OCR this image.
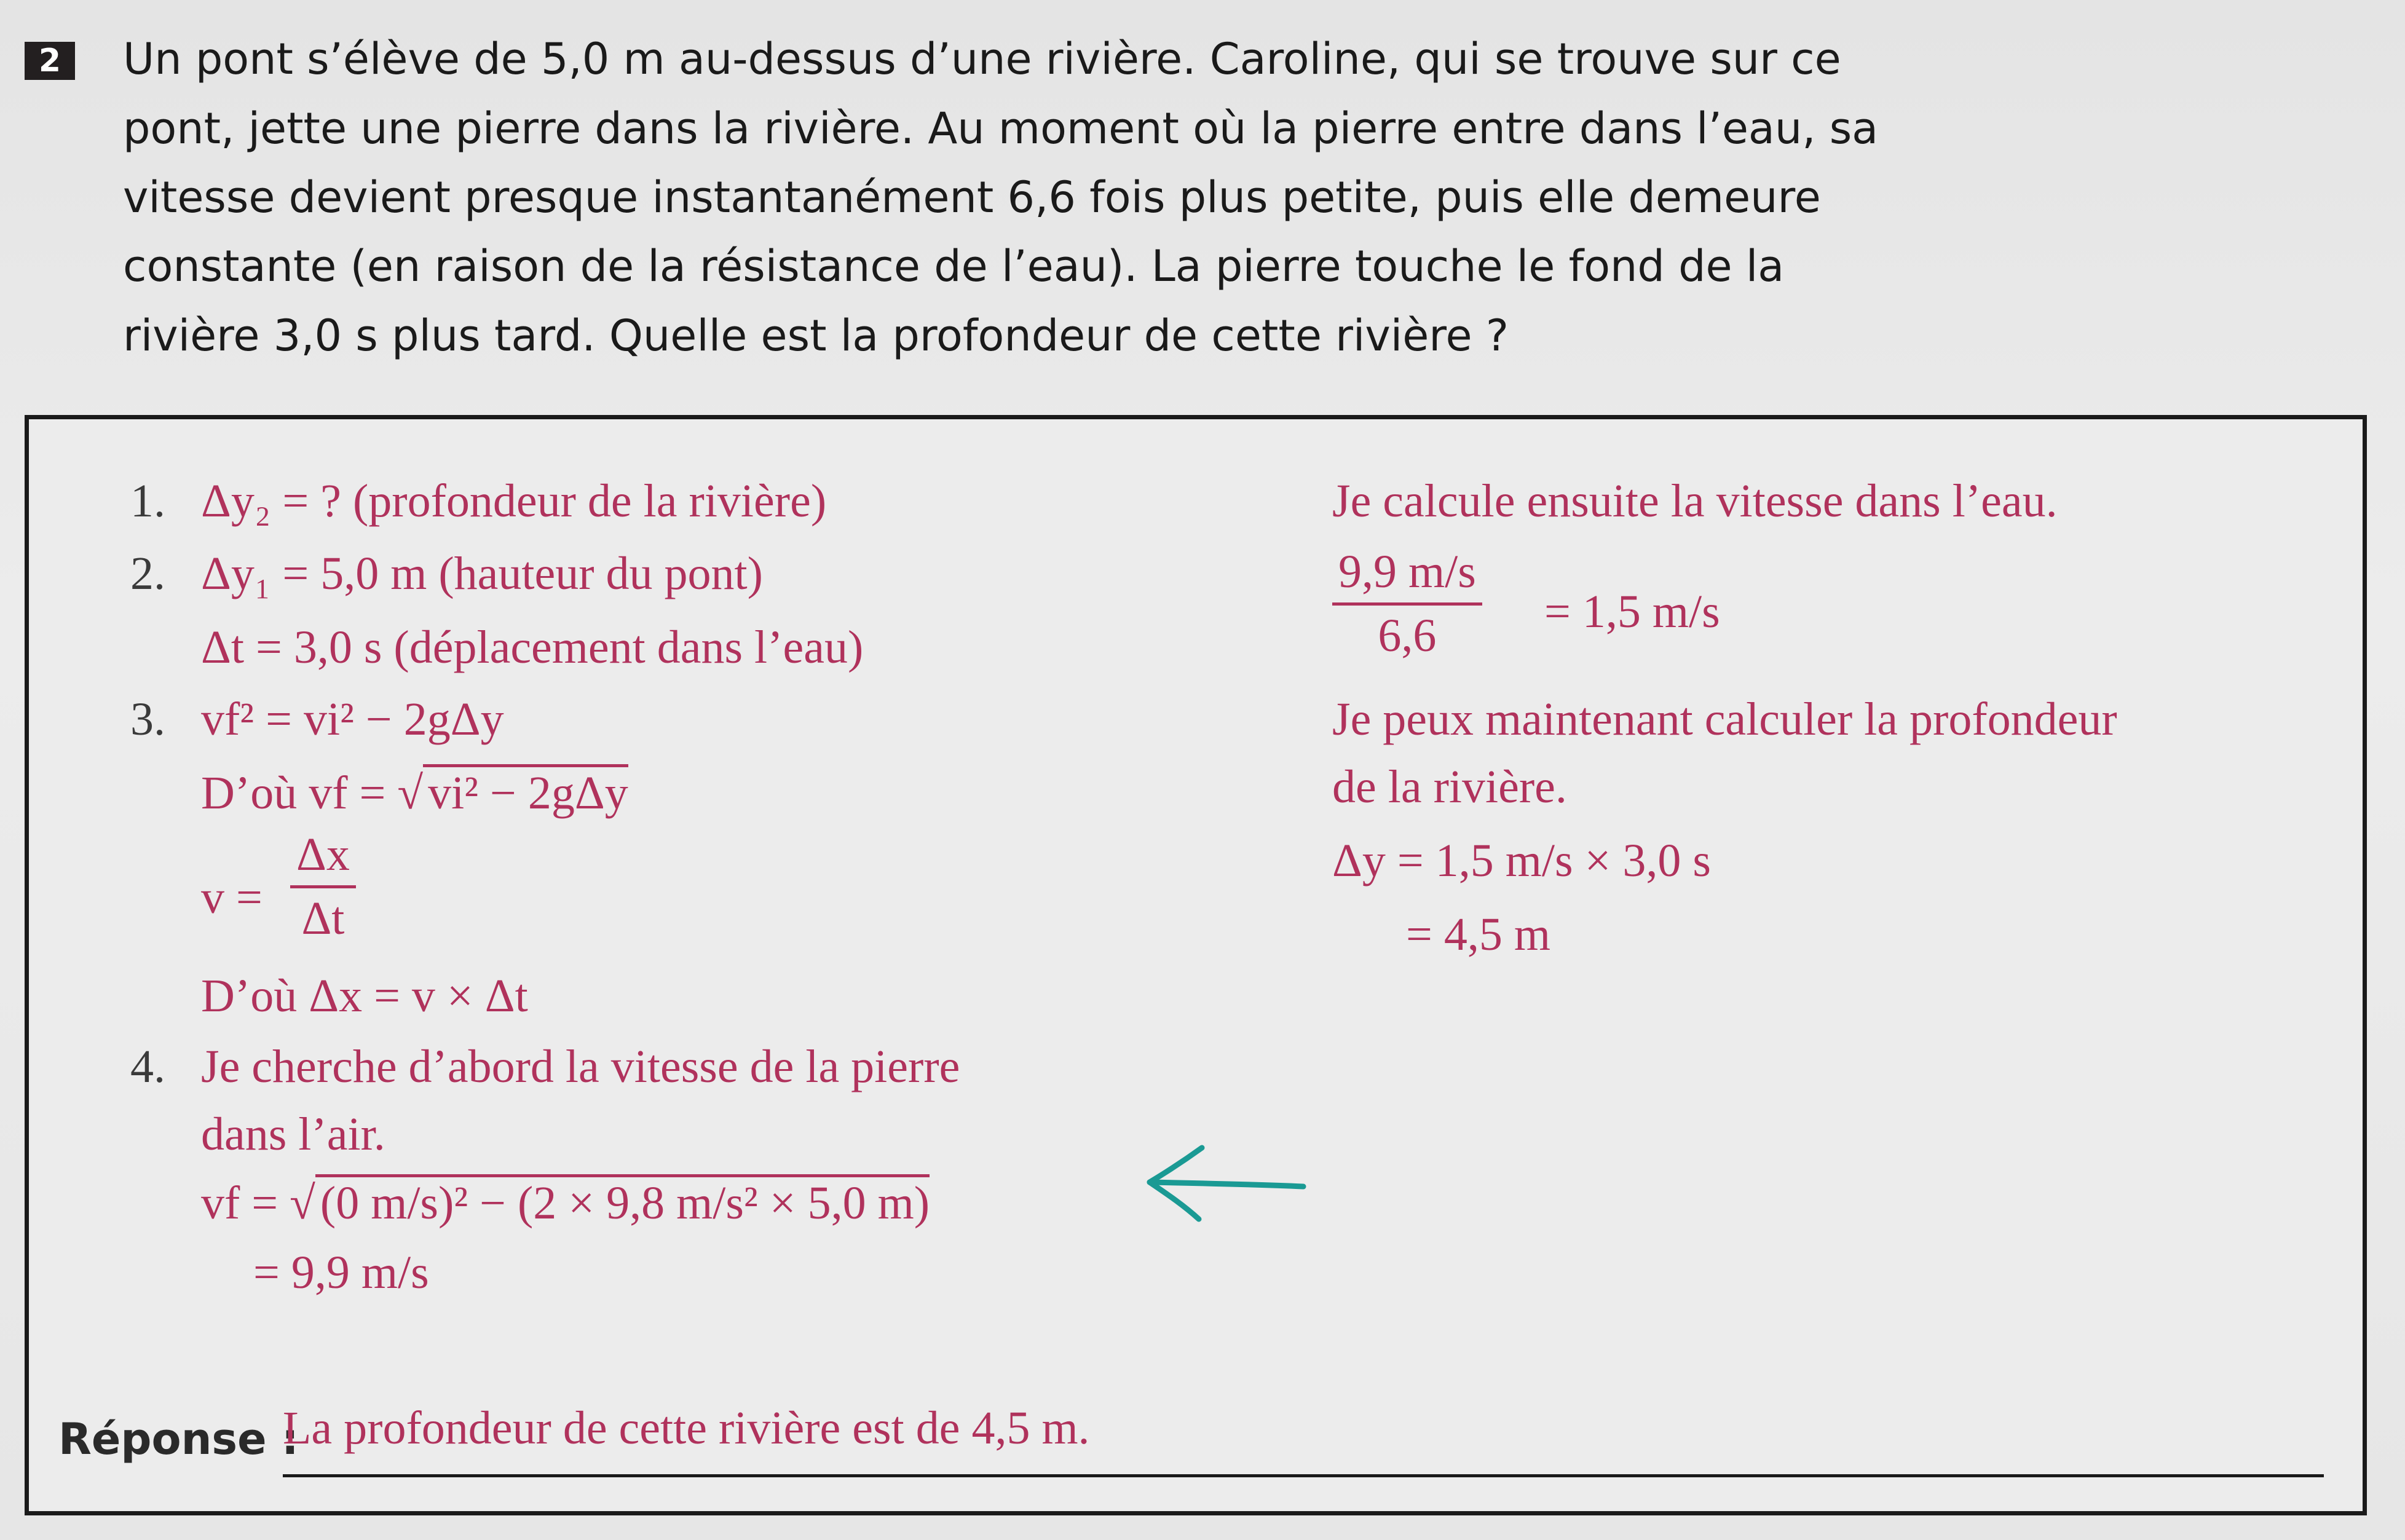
2	Un pont s’élève de 5,0 m au-dessus d’une rivière. Caroline, qui se trouve sur ce

pont, jette une pierre dans la rivière. Au moment où la pierre entre dans l’eau, sa

vitesse devient presque instantanément 6,6 fois plus petite, puis elle demeure

constante (en raison de la résistance de l’eau). La pierre touche le fond de la

rivière 3,0 s plus tard. Quelle est la profondeur de cette rivière ?

1. Δy₂ = ? (profondeur de la rivière)

2. Δy₁ = 5,0 m (hauteur du pont)

Δt = 3,0 s (déplacement dans l’eau)

3. vf² = vi² − 2gΔy

D’où vf = √ vi² − 2gΔy

$v = \frac{\Delta x}{\Delta t}$

D’où Δx = v × Δt

4. Je cherche d’abord la vitesse de la pierre

dans l’air.

vf = √ (0 m/s)² − (2 × 9,8 m/s² × 5,0 m)

= 9,9 m/s

Je calcule ensuite la vitesse dans l’eau.

$\frac{9,9 m/s}{6,6} = 1,5$ m/s

Je peux maintenant calculer la profondeur

de la rivière.

Δy = 1,5 m/s × 3,0 s

= 4,5 m

Réponse :

La profondeur de cette rivière est de 4,5 m.
